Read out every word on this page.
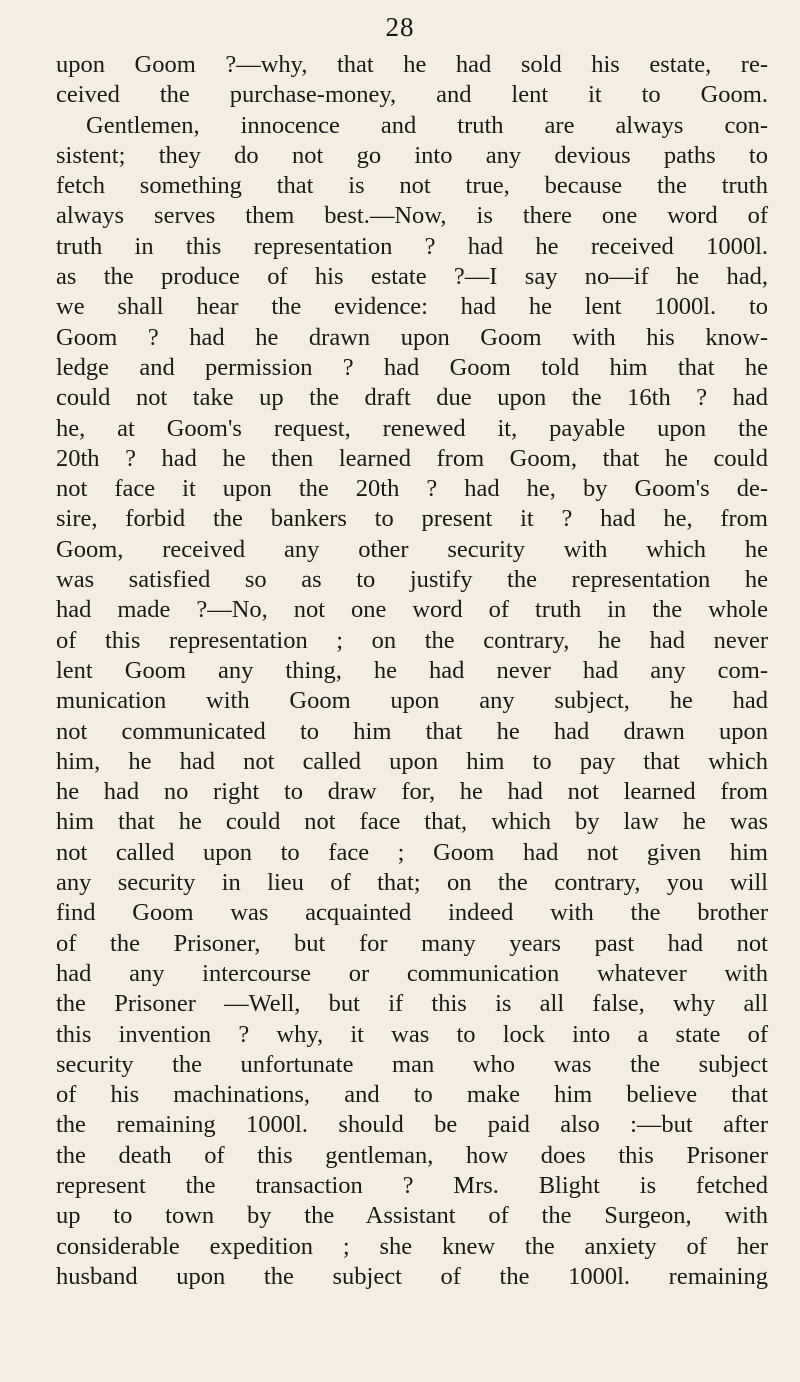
28
upon Goom ?—why, that he had sold his estate, re-
ceived the purchase-money, and lent it to Goom.
Gentlemen, innocence and truth are always con-
sistent; they do not go into any devious paths to
fetch something that is not true, because the truth
always serves them best.—Now, is there one word of
truth in this representation ? had he received 1000l.
as the produce of his estate ?—I say no—if he had,
we shall hear the evidence: had he lent 1000l. to
Goom ? had he drawn upon Goom with his know-
ledge and permission ? had Goom told him that he
could not take up the draft due upon the 16th ? had
he, at Goom's request, renewed it, payable upon the
20th ? had he then learned from Goom, that he could
not face it upon the 20th ? had he, by Goom's de-
sire, forbid the bankers to present it ? had he, from
Goom, received any other security with which he
was satisfied so as to justify the representation he
had made ?—No, not one word of truth in the whole
of this representation ; on the contrary, he had never
lent Goom any thing, he had never had any com-
munication with Goom upon any subject, he had
not communicated to him that he had drawn upon
him, he had not called upon him to pay that which
he had no right to draw for, he had not learned from
him that he could not face that, which by law he was
not called upon to face ; Goom had not given him
any security in lieu of that; on the contrary, you will
find Goom was acquainted indeed with the brother
of the Prisoner, but for many years past had not
had any intercourse or communication whatever with
the Prisoner —Well, but if this is all false, why all
this invention ? why, it was to lock into a state of
security the unfortunate man who was the subject
of his machinations, and to make him believe that
the remaining 1000l. should be paid also :—but after
the death of this gentleman, how does this Prisoner
represent the transaction ? Mrs. Blight is fetched
up to town by the Assistant of the Surgeon, with
considerable expedition ; she knew the anxiety of her
husband upon the subject of the 1000l. remaining
